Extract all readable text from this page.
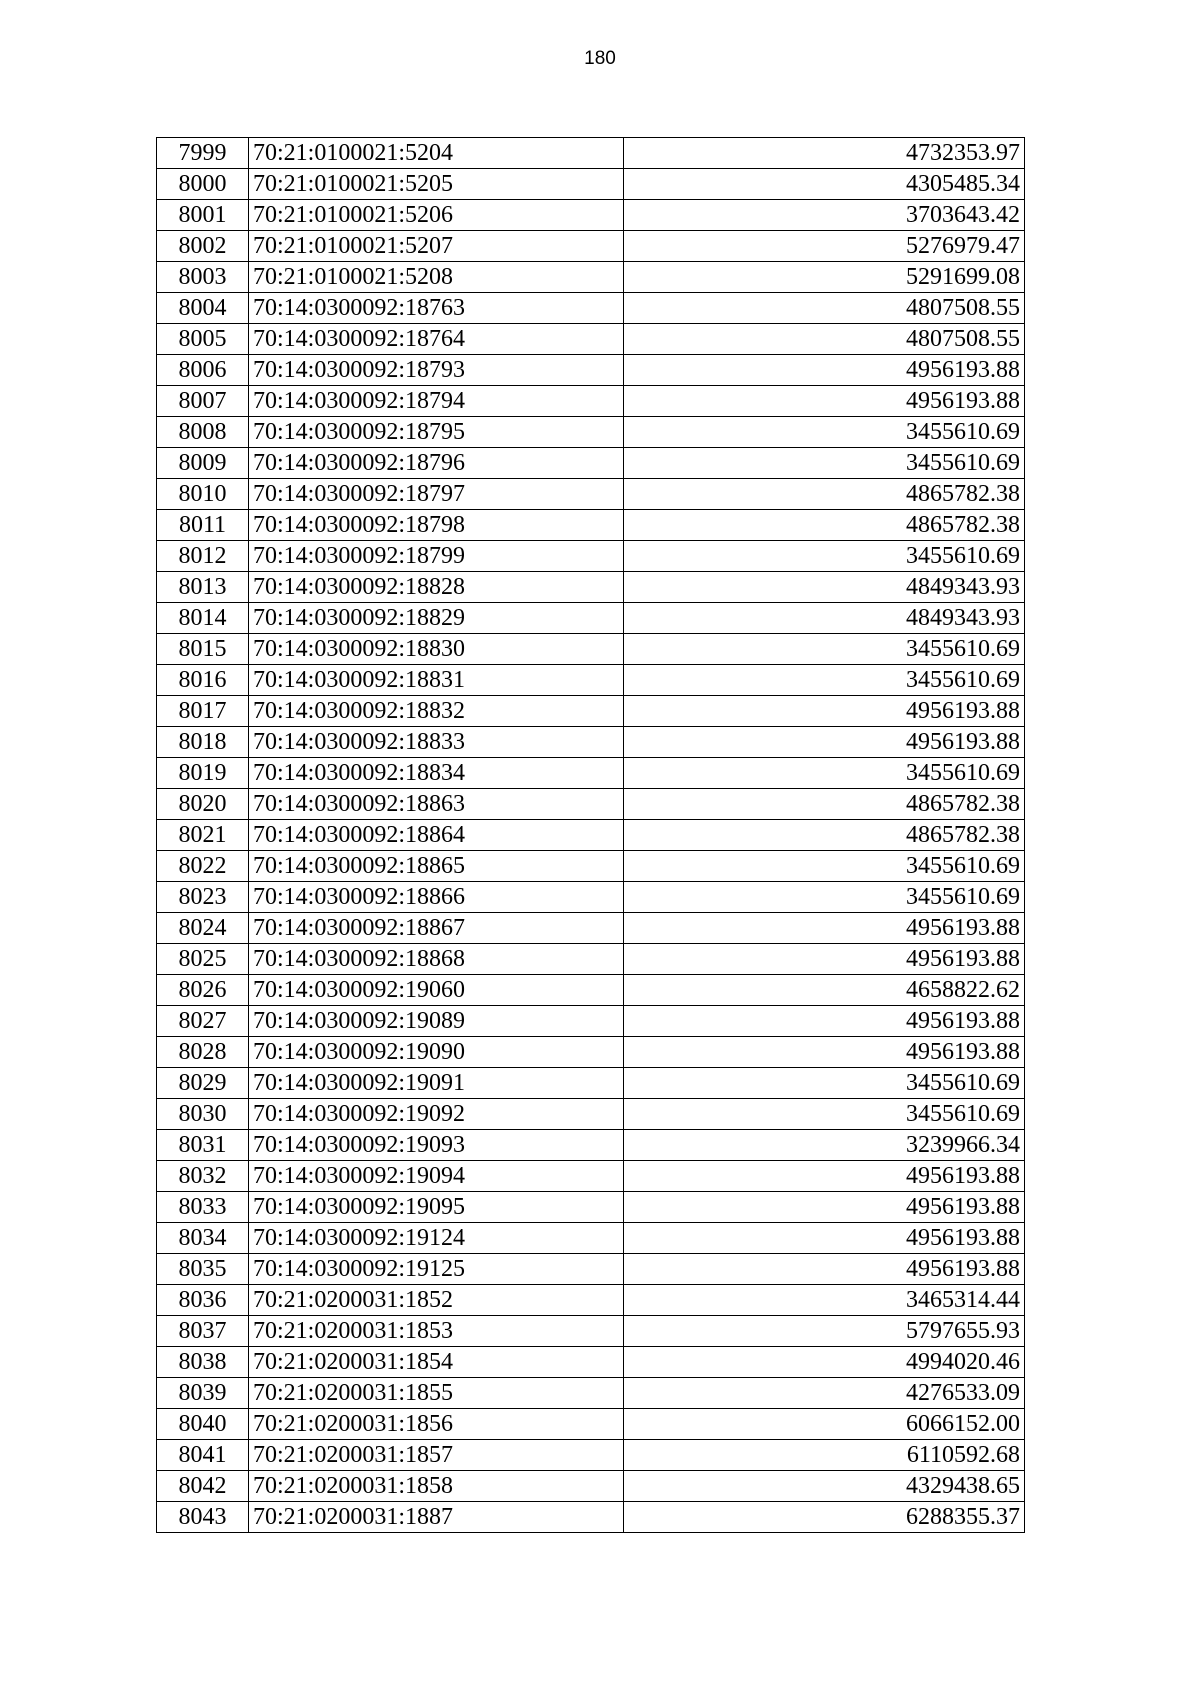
180
7999	70:21:0100021:5204		4732353.97
8000	70:21:0100021:5205		4305485.34
8001	70:21:0100021:5206		3703643.42
8002	70:21:0100021:5207		5276979.47
8003	70:21:0100021:5208		5291699.08
8004	70:14:0300092:18763		4807508.55
8005	70:14:0300092:18764		4807508.55
8006	70:14:0300092:18793		4956193.88
8007	70:14:0300092:18794		4956193.88
8008	70:14:0300092:18795		3455610.69
8009	70:14:0300092:18796		3455610.69
8010	70:14:0300092:18797		4865782.38
8011	70:14:0300092:18798		4865782.38
8012	70:14:0300092:18799		3455610.69
8013	70:14:0300092:18828		4849343.93
8014	70:14:0300092:18829		4849343.93
8015	70:14:0300092:18830		3455610.69
8016	70:14:0300092:18831		3455610.69
8017	70:14:0300092:18832		4956193.88
8018	70:14:0300092:18833		4956193.88
8019	70:14:0300092:18834		3455610.69
8020	70:14:0300092:18863		4865782.38
8021	70:14:0300092:18864		4865782.38
8022	70:14:0300092:18865		3455610.69
8023	70:14:0300092:18866		3455610.69
8024	70:14:0300092:18867		4956193.88
8025	70:14:0300092:18868		4956193.88
8026	70:14:0300092:19060		4658822.62
8027	70:14:0300092:19089		4956193.88
8028	70:14:0300092:19090		4956193.88
8029	70:14:0300092:19091		3455610.69
8030	70:14:0300092:19092		3455610.69
8031	70:14:0300092:19093		3239966.34
8032	70:14:0300092:19094		4956193.88
8033	70:14:0300092:19095		4956193.88
8034	70:14:0300092:19124		4956193.88
8035	70:14:0300092:19125		4956193.88
8036	70:21:0200031:1852		3465314.44
8037	70:21:0200031:1853		5797655.93
8038	70:21:0200031:1854		4994020.46
8039	70:21:0200031:1855		4276533.09
8040	70:21:0200031:1856		6066152.00
8041	70:21:0200031:1857		6110592.68
8042	70:21:0200031:1858		4329438.65
8043	70:21:0200031:1887		6288355.37
